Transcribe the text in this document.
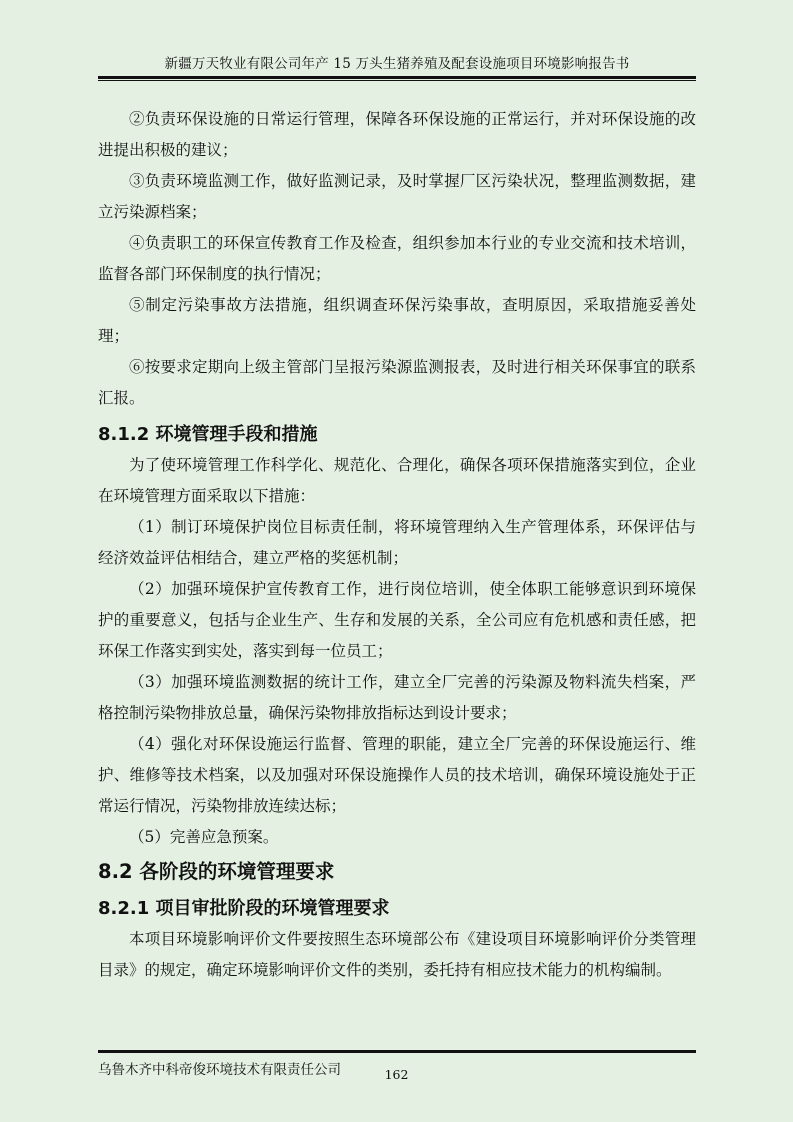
新疆万天牧业有限公司年产 15 万头生猪养殖及配套设施项目环境影响报告书

②负责环保设施的日常运行管理，保障各环保设施的正常运行，并对环保设施的改进提出积极的建议；

③负责环境监测工作，做好监测记录，及时掌握厂区污染状况，整理监测数据，建立污染源档案；

④负责职工的环保宣传教育工作及检查，组织参加本行业的专业交流和技术培训，监督各部门环保制度的执行情况；

⑤制定污染事故方法措施，组织调查环保污染事故，查明原因，采取措施妥善处理；

⑥按要求定期向上级主管部门呈报污染源监测报表，及时进行相关环保事宜的联系汇报。

8.1.2 环境管理手段和措施

为了使环境管理工作科学化、规范化、合理化，确保各项环保措施落实到位，企业在环境管理方面采取以下措施：

（1）制订环境保护岗位目标责任制，将环境管理纳入生产管理体系，环保评估与经济效益评估相结合，建立严格的奖惩机制；

（2）加强环境保护宣传教育工作，进行岗位培训，使全体职工能够意识到环境保护的重要意义，包括与企业生产、生存和发展的关系，全公司应有危机感和责任感，把环保工作落实到实处，落实到每一位员工；

（3）加强环境监测数据的统计工作，建立全厂完善的污染源及物料流失档案，严格控制污染物排放总量，确保污染物排放指标达到设计要求；

（4）强化对环保设施运行监督、管理的职能，建立全厂完善的环保设施运行、维护、维修等技术档案，以及加强对环保设施操作人员的技术培训，确保环境设施处于正常运行情况，污染物排放连续达标；

（5）完善应急预案。

8.2 各阶段的环境管理要求
8.2.1 项目审批阶段的环境管理要求

本项目环境影响评价文件要按照生态环境部公布《建设项目环境影响评价分类管理目录》的规定，确定环境影响评价文件的类别，委托持有相应技术能力的机构编制。

乌鲁木齐中科帝俊环境技术有限责任公司	162
